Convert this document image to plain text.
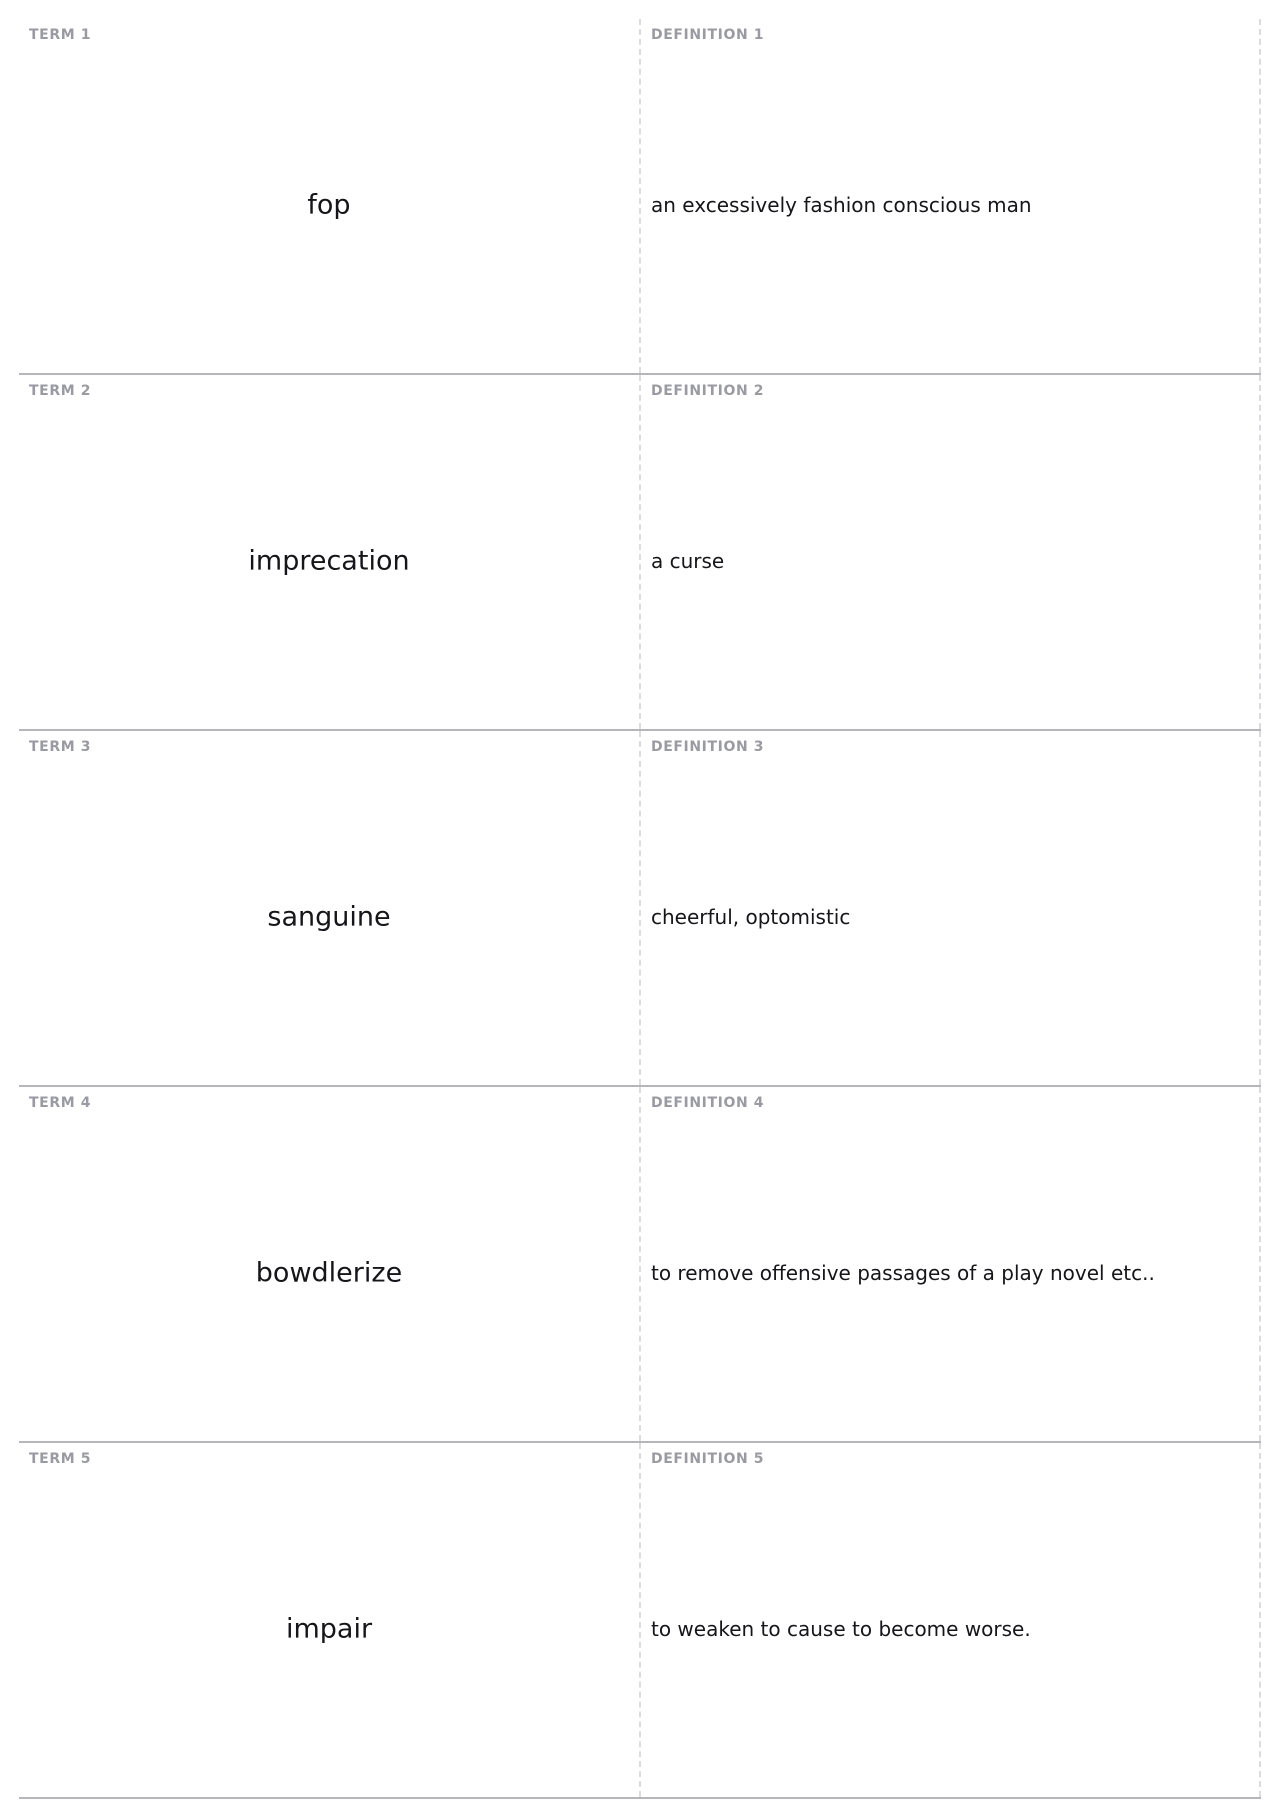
TERM 1
fop
DEFINITION 1
an excessively fashion conscious man
TERM 2
imprecation
DEFINITION 2
a curse
TERM 3
sanguine
DEFINITION 3
cheerful, optomistic
TERM 4
bowdlerize
DEFINITION 4
to remove offensive passages of a play novel etc..
TERM 5
impair
DEFINITION 5
to weaken to cause to become worse.
